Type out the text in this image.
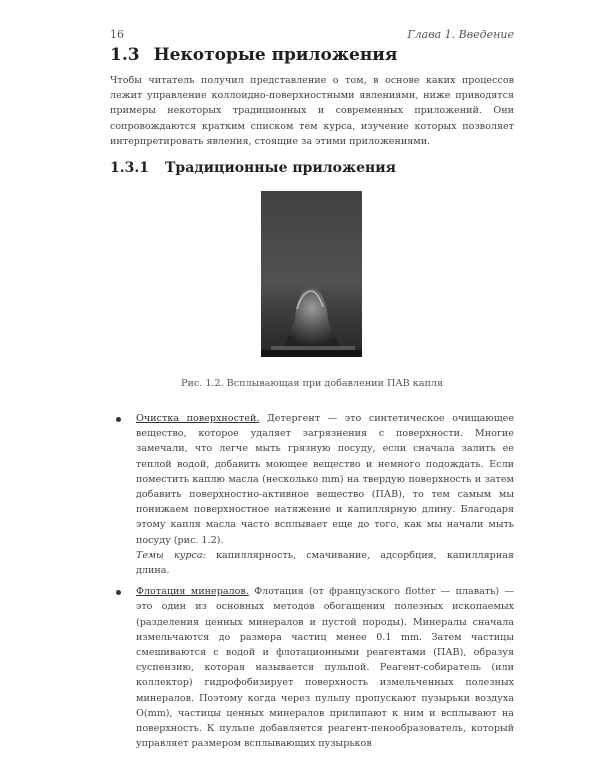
16	Глава 1. Введение
1.3 Некоторые приложения
Чтобы читатель получил представление о том, в основе каких процессов лежит управление коллоидно-поверхностными явлениями, ниже приводятся примеры некоторых традиционных и современных приложений. Они сопровождаются кратким списком тем курса, изучение которых позволяет интерпретировать явления, стоящие за этими приложениями.
1.3.1 Традиционные приложения
Рис. 1.2. Всплывающая при добавлении ПАВ капля
Очистка поверхностей. Детергент — это синтетическое очищающее вещество, которое удаляет загрязнения с поверхности. Многие замечали, что легче мыть грязную посуду, если сначала залить ее теплой водой, добавить моющее вещество и немного подождать. Если поместить каплю масла (несколько mm) на твердую поверхность и затем добавить поверхностно-активное вещество (ПАВ), то тем самым мы понижаем поверхностное натяжение и капиллярную длину. Благодаря этому капля масла часто всплывает еще до того, как мы начали мыть посуду (рис. 1.2).
Темы курса: капиллярность, смачивание, адсорбция, капиллярная длина.
Флотация минералов. Флотация (от французского flotter — плавать) — это один из основных методов обогащения полезных ископаемых (разделения ценных минералов и пустой породы). Минералы сначала измельчаются до размера частиц менее 0.1 mm. Затем частицы смешиваются с водой и флотационными реагентами (ПАВ), образуя суспензию, которая называется пульпой. Реагент-собиратель (или коллектор) гидрофобизирует поверхность измельченных полезных минералов. Поэтому когда через пульпу пропускают пузырьки воздуха O(mm), частицы ценных минералов прилипают к ним и всплывают на поверхность. К пульпе добавляется реагент-пенообразователь, который управляет размером всплывающих пузырьков
